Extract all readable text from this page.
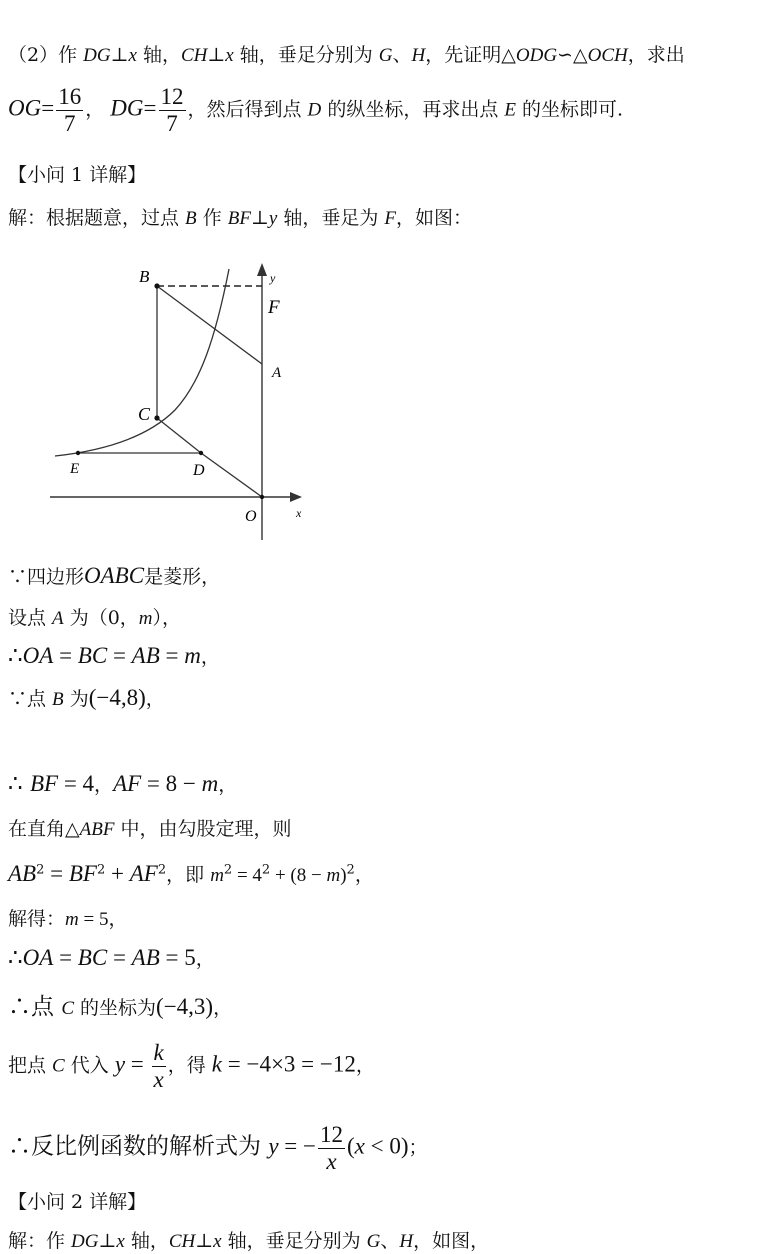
（2）作 DG⊥x 轴，CH⊥x 轴，垂足分别为 G、H，先证明△ODG∽△OCH，求出
$OG= \frac{16}{7}$ ， $DG= \frac{12}{7}$ ，然后得到点 D 的纵坐标，再求出点 E 的坐标即可.
【小问 1 详解】
解：根据题意，过点 B 作 BF⊥y 轴，垂足为 F，如图：
B	y
F
A
C
E	D
O	x
∵四边形OABC是菱形，
设点 A 为（0，m），
∴OA = BC = AB = m，
∵点 B 为(−4,8)，
∴ BF = 4，AF = 8 − m，
在直角△ABF 中，由勾股定理，则
$AB^2 = BF^2 + AF^2$，即 $m^2 = 4^2 + (8 - m)^2$，
解得：m = 5，
∴OA = BC = AB = 5，
∴点 C 的坐标为(−4,3)，
把点 C 代入 $y = \frac{k}{x}$ ，得 k = −4×3 = −12，
∴反比例函数的解析式为 y = − $\frac{12}{x} (x < 0)$；
【小问 2 详解】
解：作 DG⊥x 轴，CH⊥x 轴，垂足分别为 G、H，如图，
